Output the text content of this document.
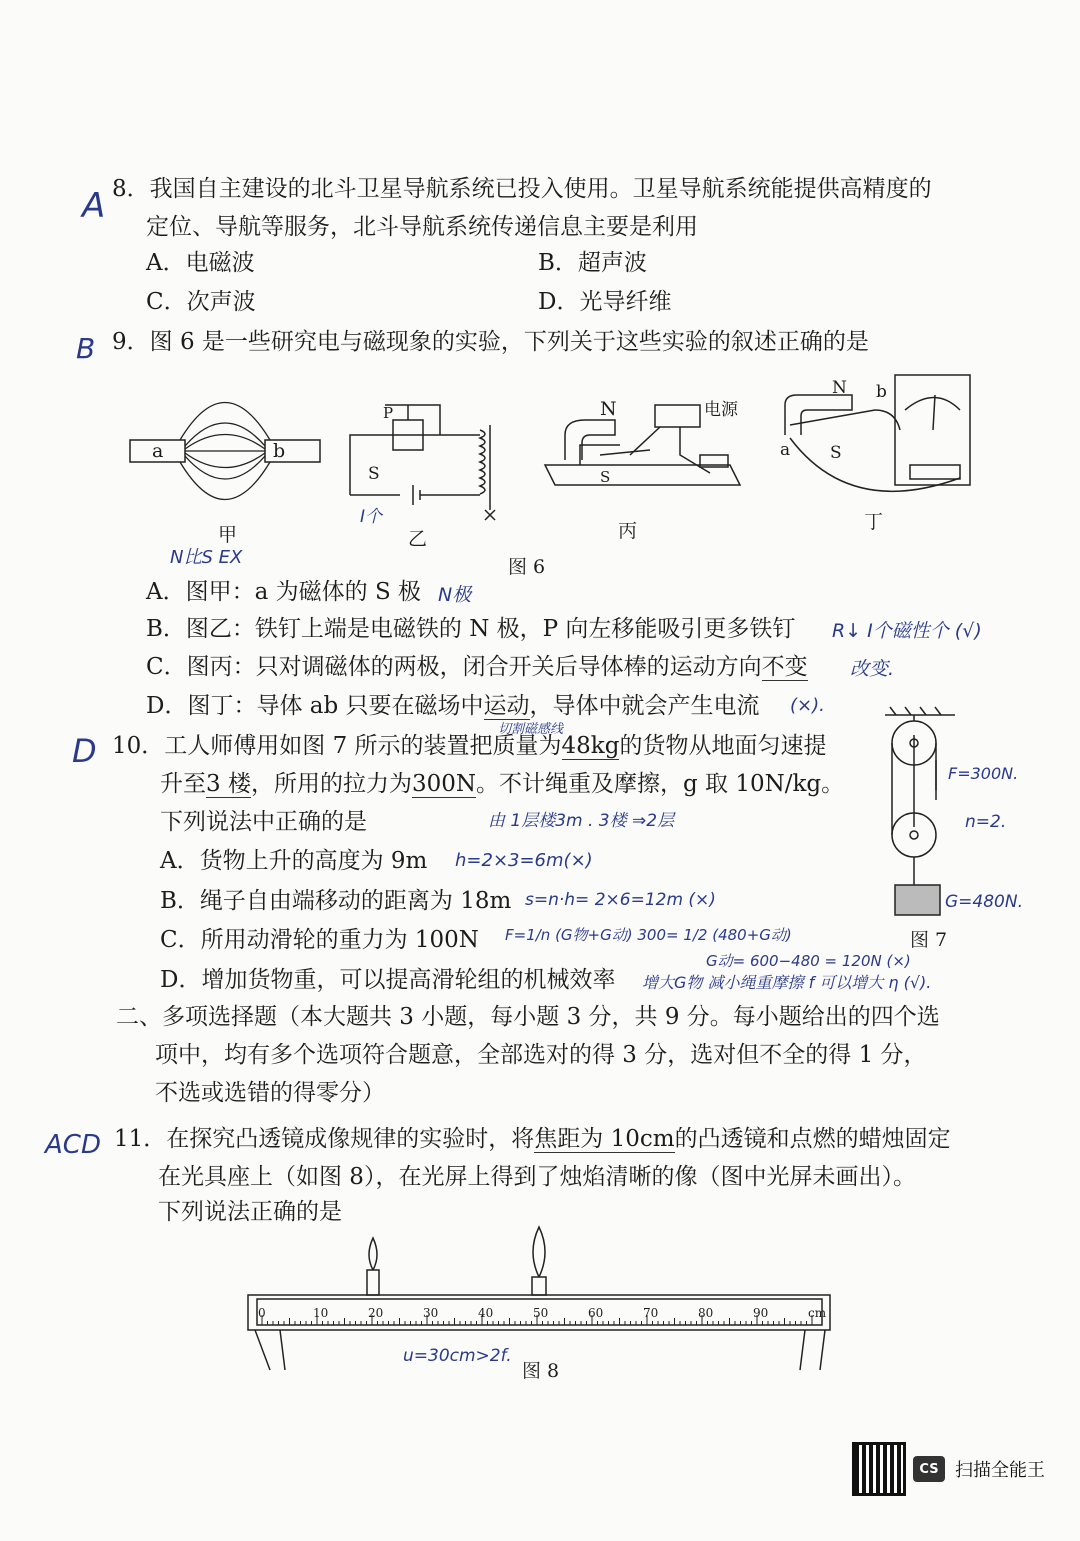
A 8．我国自主建设的北斗卫星导航系统已投入使用。卫星导航系统能提供高精度的
定位、导航等服务，北斗导航系统传递信息主要是利用
A．电磁波	B．超声波
C．次声波	D．光导纤维
B 9．图 6 是一些研究电与磁现象的实验，下列关于这些实验的叙述正确的是
a	b
甲
N比S EX
P
S
I个
乙
N	电源
S
丙
N b
a S
丁
图 6
A．图甲：a 为磁体的 S 极 N极
B．图乙：铁钉上端是电磁铁的 N 极，P 向左移能吸引更多铁钉 R↓ I个磁性个 (√)
C．图丙：只对调磁体的两极，闭合开关后导体棒的运动方向不变 改变.
D．图丁：导体 ab 只要在磁场中运动，导体中就会产生电流 (×).
切割磁感线
D 10．工人师傅用如图 7 所示的装置把质量为48kg的货物从地面匀速提
升至3 楼，所用的拉力为300N。不计绳重及摩擦，g 取 10N/kg。
下列说法中正确的是	由 1层楼3m . 3楼 ⇒2层
A．货物上升的高度为 9m h=2×3=6m(×)
B．绳子自由端移动的距离为 18m s=n·h= 2×6=12m (×)
C．所用动滑轮的重力为 100N F=1/n (G物+G动) 300= 1/2 (480+G动)
G动= 600−480 = 120N (×)
D．增加货物重，可以提高滑轮组的机械效率 增大G物 减小绳重摩擦 f 可以增大 η (√).
F=300N.
n=2.
G=480N.
图 7
二、多项选择题（本大题共 3 小题，每小题 3 分，共 9 分。每小题给出的四个选
项中，均有多个选项符合题意，全部选对的得 3 分，选对但不全的得 1 分，
不选或选错的得零分）
ACD 11．在探究凸透镜成像规律的实验时，将焦距为 10cm的凸透镜和点燃的蜡烛固定
在光具座上（如图 8），在光屏上得到了烛焰清晰的像（图中光屏未画出）。
下列说法正确的是
0	10	20	30	40	50	60	70	80	90	cm
u=30cm>2f.
图 8
CS 扫描全能王
